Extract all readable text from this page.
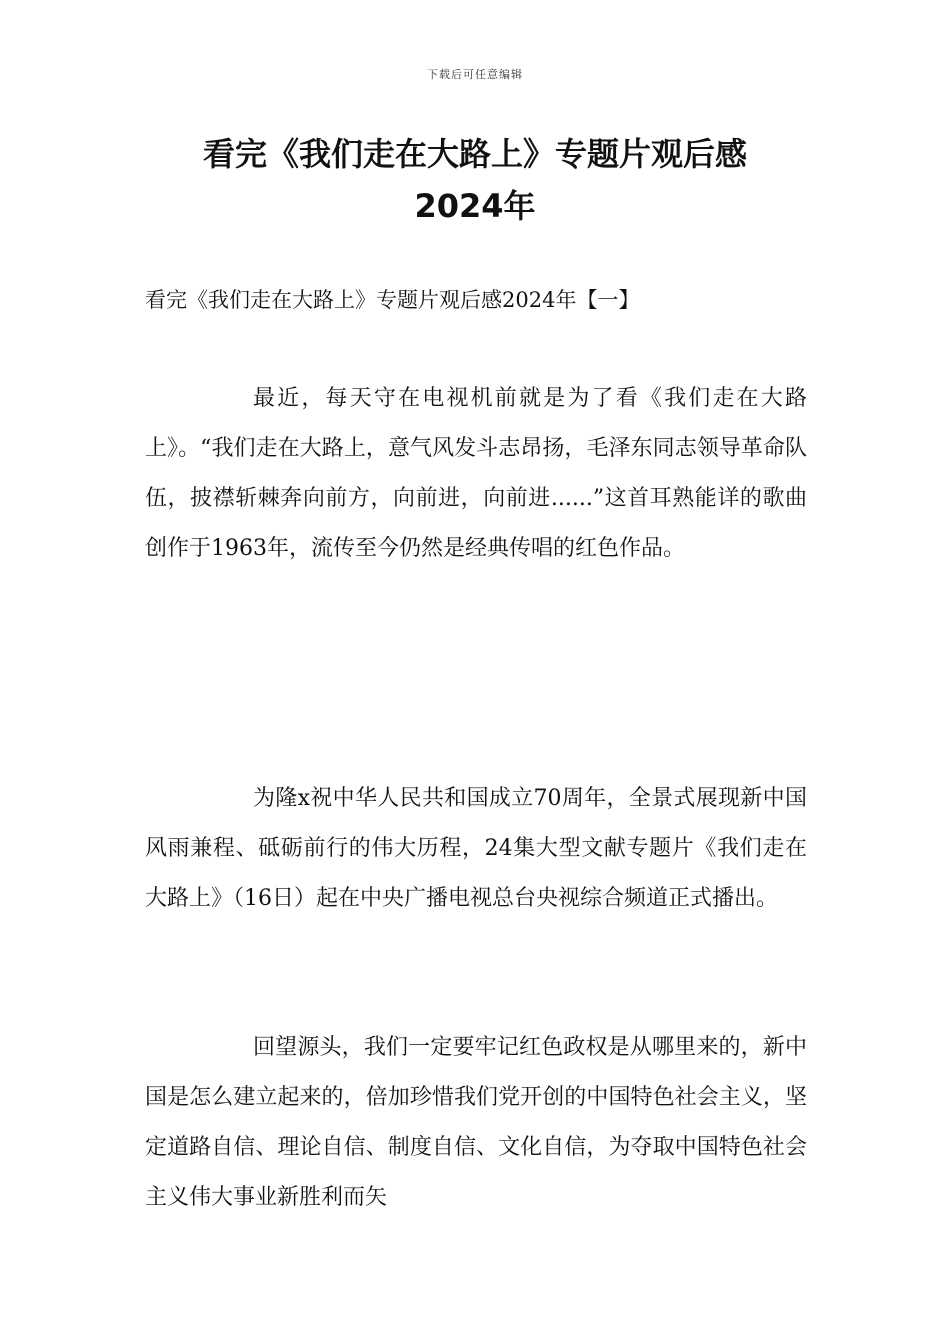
下载后可任意编辑
看完《我们走在大路上》专题片观后感
2024年
看完《我们走在大路上》专题片观后感2024年【一】

最近，每天守在电视机前就是为了看《我们走在大路上》。“我们走在大路上，意气风发斗志昂扬，毛泽东同志领导革命队伍，披襟斩棘奔向前方，向前进，向前进......”这首耳熟能详的歌曲创作于1963年，流传至今仍然是经典传唱的红色作品。

为隆x祝中华人民共和国成立70周年，全景式展现新中国风雨兼程、砥砺前行的伟大历程，24集大型文献专题片《我们走在大路上》（16日）起在中央广播电视总台央视综合频道正式播出。

回望源头，我们一定要牢记红色政权是从哪里来的，新中国是怎么建立起来的，倍加珍惜我们党开创的中国特色社会主义，坚定道路自信、理论自信、制度自信、文化自信，为夺取中国特色社会主义伟大事业新胜利而矢
